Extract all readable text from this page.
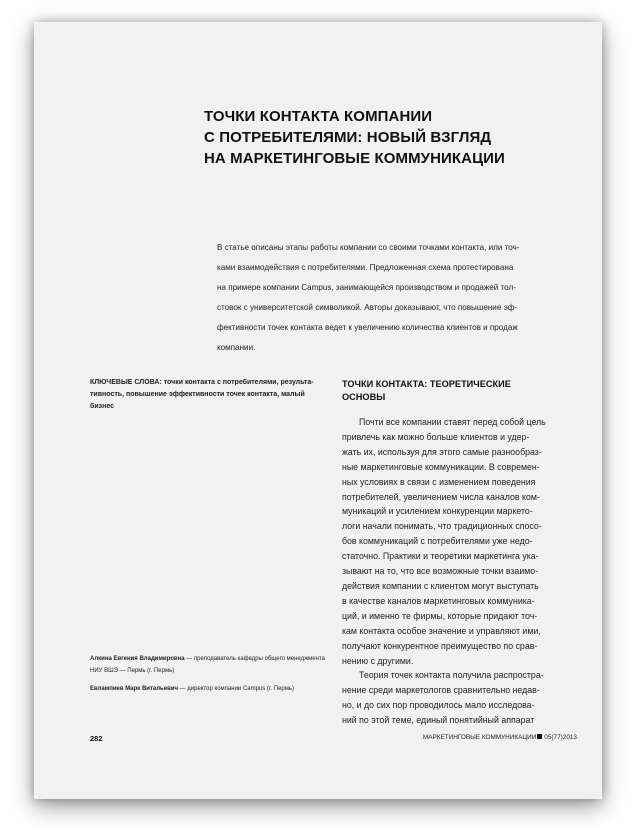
ТОЧКИ КОНТАКТА КОМПАНИИ
С ПОТРЕБИТЕЛЯМИ: НОВЫЙ ВЗГЛЯД
НА МАРКЕТИНГОВЫЕ КОММУНИКАЦИИ
В статье описаны этапы работы компании со своими точками контакта, или точ-
ками взаимодействия с потребителями. Предложенная схема протестирована
на примере компании Campus, занимающейся производством и продажей тол-
стовок с университетской символикой. Авторы доказывают, что повышение эф-
фективности точек контакта ведет к увеличению количества клиентов и продаж
компании.
КЛЮЧЕВЫЕ СЛОВА: точки контакта с потребителями, результа-
тивность, повышение эффективности точек контакта, малый
бизнес
ТОЧКИ КОНТАКТА: ТЕОРЕТИЧЕСКИЕ
ОСНОВЫ
Почти все компании ставят перед собой цель
привлечь как можно больше клиентов и удер-
жать их, используя для этого самые разнообраз-
ные маркетинговые коммуникации. В современ-
ных условиях в связи с изменением поведения
потребителей, увеличением числа каналов ком-
муникаций и усилением конкуренции маркето-
логи начали понимать, что традиционных спосо-
бов коммуникаций с потребителями уже недо-
статочно. Практики и теоретики маркетинга ука-
зывают на то, что все возможные точки взаимо-
действия компании с клиентом могут выступать
в качестве каналов маркетинговых коммуника-
ций, и именно те фирмы, которые придают точ-
кам контакта особое значение и управляют ими,
получают конкурентное преимущество по срав-
нению с другими.
Теория точек контакта получила распростра-
нение среди маркетологов сравнительно недав-
но, и до сих пор проводилось мало исследова-
ний по этой теме, единый понятийный аппарат
Алкина Евгения Владимировна — преподаватель кафедры общего менеджмента
НИУ ВШЭ — Пермь (г. Пермь)
Евлампиев Марк Витальевич — директор компании Campus (г. Пермь)
282	МАРКЕТИНГОВЫЕ КОММУНИКАЦИИ 05(77)2013
